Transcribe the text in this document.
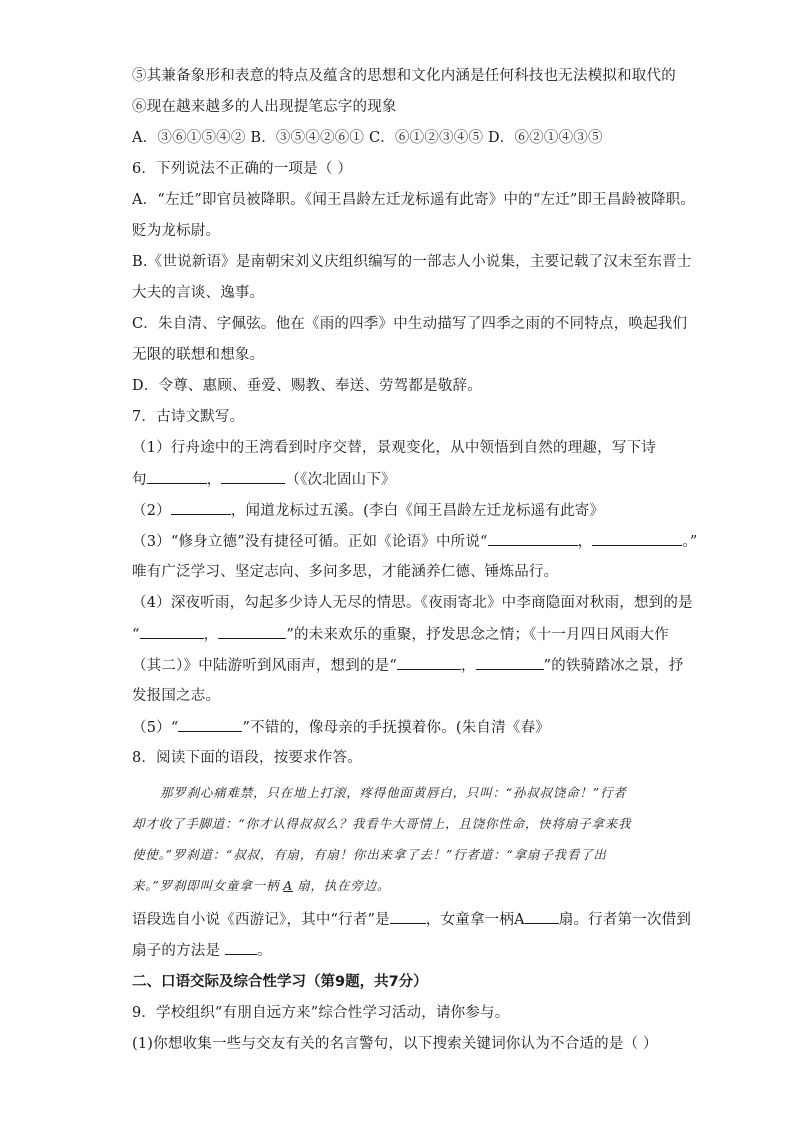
⑤其兼备象形和表意的特点及蕴含的思想和文化内涵是任何科技也无法模拟和取代的
⑥现在越来越多的人出现提笔忘字的现象
A．③⑥①⑤④② B．③⑤④②⑥① C．⑥①②③④⑤ D．⑥②①④③⑤
6．下列说法不正确的一项是（ ）
A．“左迁”即官员被降职。《闻王昌龄左迁龙标遥有此寄》中的“左迁”即王昌龄被降职。
贬为龙标尉。
B.《世说新语》是南朝宋刘义庆组织编写的一部志人小说集，主要记载了汉末至东晋士
大夫的言谈、逸事。
C．朱自清、字佩弦。他在《雨的四季》中生动描写了四季之雨的不同特点，唤起我们
无限的联想和想象。
D．令尊、惠顾、垂爱、赐教、奉送、劳驾都是敬辞。
7．古诗文默写。
（1）行舟途中的王湾看到时序交替，景观变化，从中领悟到自然的理趣，写下诗
句	，	（《次北固山下》
（2）	，闻道龙标过五溪。(李白《闻王昌龄左迁龙标遥有此寄》
（3）“修身立德”没有捷径可循。正如《论语》中所说“	，	。”
唯有广泛学习、坚定志向、多问多思，才能涵养仁德、锤炼品行。
（4）深夜听雨，勾起多少诗人无尽的情思。《夜雨寄北》中李商隐面对秋雨，想到的是
“	，	”的未来欢乐的重聚，抒发思念之情；《十一月四日风雨大作
（其二）》中陆游听到风雨声，想到的是“	，	”的铁骑踏冰之景，抒
发报国之志。
（5）“	”不错的，像母亲的手抚摸着你。(朱自清《春》
8．阅读下面的语段，按要求作答。
那罗刹心痛难禁，只在地上打滚，疼得他面黄唇白，只叫：“孙叔叔饶命！”行者
却才收了手脚道：“你才认得叔叔么？我看牛大哥情上，且饶你性命，快将扇子拿来我
使使。”罗刹道：“叔叔，有扇，有扇！你出来拿了去！”行者道：“拿扇子我看了出
来。”罗刹即叫女童拿一柄 A 扇，执在旁边。
语段选自小说《西游记》，其中“行者”是 ，女童拿一柄A 扇。行者第一次借到
扇子的方法是 。
二、口语交际及综合性学习（第9题，共7分）
9．学校组织“有朋自远方来”综合性学习活动，请你参与。
(1)你想收集一些与交友有关的名言警句，以下搜索关键词你认为不合适的是（ ）
